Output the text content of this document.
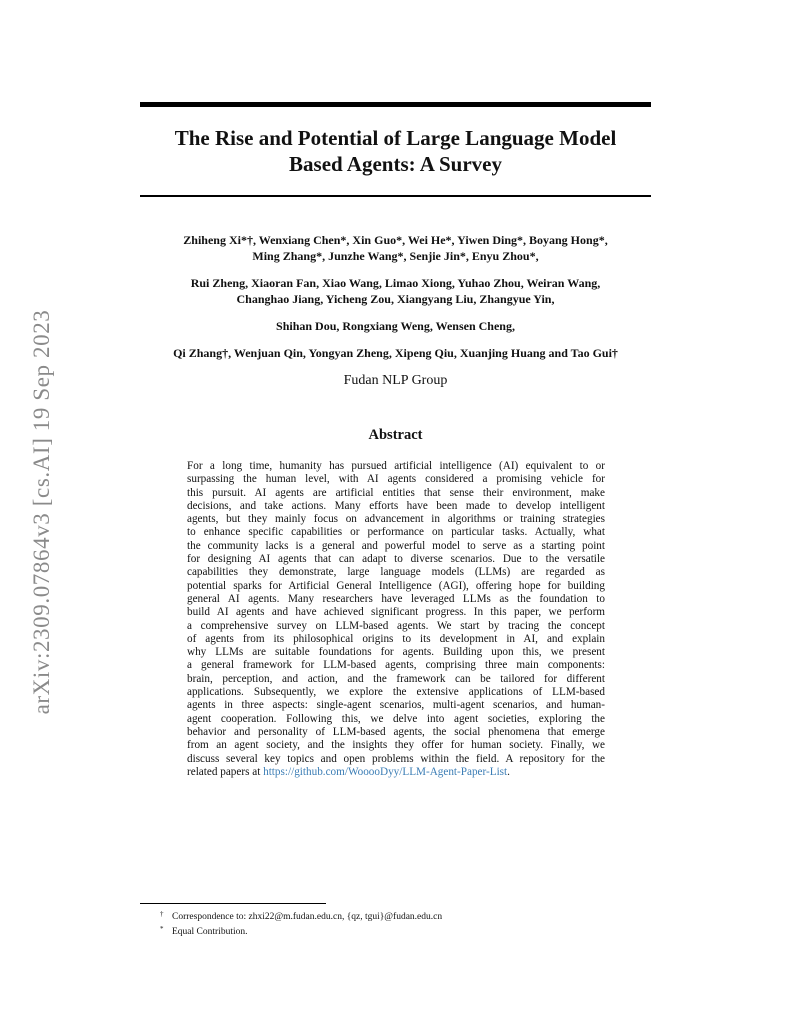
arXiv:2309.07864v3 [cs.AI] 19 Sep 2023
The Rise and Potential of Large Language Model
Based Agents: A Survey
Zhiheng Xi*†, Wenxiang Chen*, Xin Guo*, Wei He*, Yiwen Ding*, Boyang Hong*,
Ming Zhang*, Junzhe Wang*, Senjie Jin*, Enyu Zhou*,
Rui Zheng, Xiaoran Fan, Xiao Wang, Limao Xiong, Yuhao Zhou, Weiran Wang,
Changhao Jiang, Yicheng Zou, Xiangyang Liu, Zhangyue Yin,
Shihan Dou, Rongxiang Weng, Wensen Cheng,
Qi Zhang†, Wenjuan Qin, Yongyan Zheng, Xipeng Qiu, Xuanjing Huang and Tao Gui†
Fudan NLP Group
Abstract
For a long time, humanity has pursued artificial intelligence (AI) equivalent to or
surpassing the human level, with AI agents considered a promising vehicle for
this pursuit. AI agents are artificial entities that sense their environment, make
decisions, and take actions. Many efforts have been made to develop intelligent
agents, but they mainly focus on advancement in algorithms or training strategies
to enhance specific capabilities or performance on particular tasks. Actually, what
the community lacks is a general and powerful model to serve as a starting point
for designing AI agents that can adapt to diverse scenarios. Due to the versatile
capabilities they demonstrate, large language models (LLMs) are regarded as
potential sparks for Artificial General Intelligence (AGI), offering hope for building
general AI agents. Many researchers have leveraged LLMs as the foundation to
build AI agents and have achieved significant progress. In this paper, we perform
a comprehensive survey on LLM-based agents. We start by tracing the concept
of agents from its philosophical origins to its development in AI, and explain
why LLMs are suitable foundations for agents. Building upon this, we present
a general framework for LLM-based agents, comprising three main components:
brain, perception, and action, and the framework can be tailored for different
applications. Subsequently, we explore the extensive applications of LLM-based
agents in three aspects: single-agent scenarios, multi-agent scenarios, and human-
agent cooperation. Following this, we delve into agent societies, exploring the
behavior and personality of LLM-based agents, the social phenomena that emerge
from an agent society, and the insights they offer for human society. Finally, we
discuss several key topics and open problems within the field. A repository for the
related papers at https://github.com/WooooDyy/LLM-Agent-Paper-List.
† Correspondence to: zhxi22@m.fudan.edu.cn, {qz, tgui}@fudan.edu.cn
* Equal Contribution.
